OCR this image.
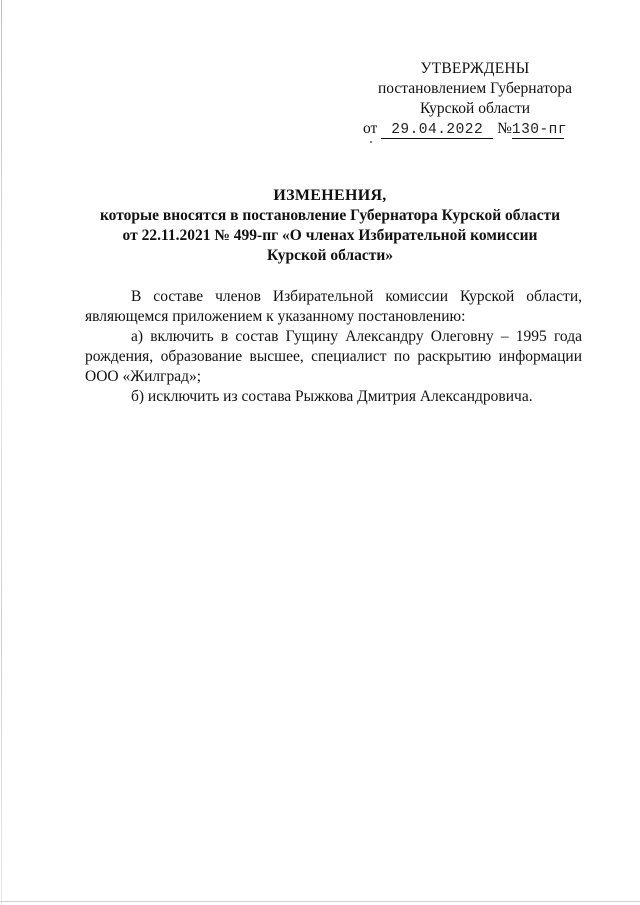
УТВЕРЖДЕНЫ
постановлением Губернатора
Курской области
от 29.04.2022 №130-пг
ИЗМЕНЕНИЯ,
которые вносятся в постановление Губернатора Курской области
от 22.11.2021 № 499-пг «О членах Избирательной комиссии
Курской области»

В составе членов Избирательной комиссии Курской области, являющемся приложением к указанному постановлению:

а) включить в состав Гущину Александру Олеговну – 1995 года рождения, образование высшее, специалист по раскрытию информации ООО «Жилград»;

б) исключить из состава Рыжкова Дмитрия Александровича.
